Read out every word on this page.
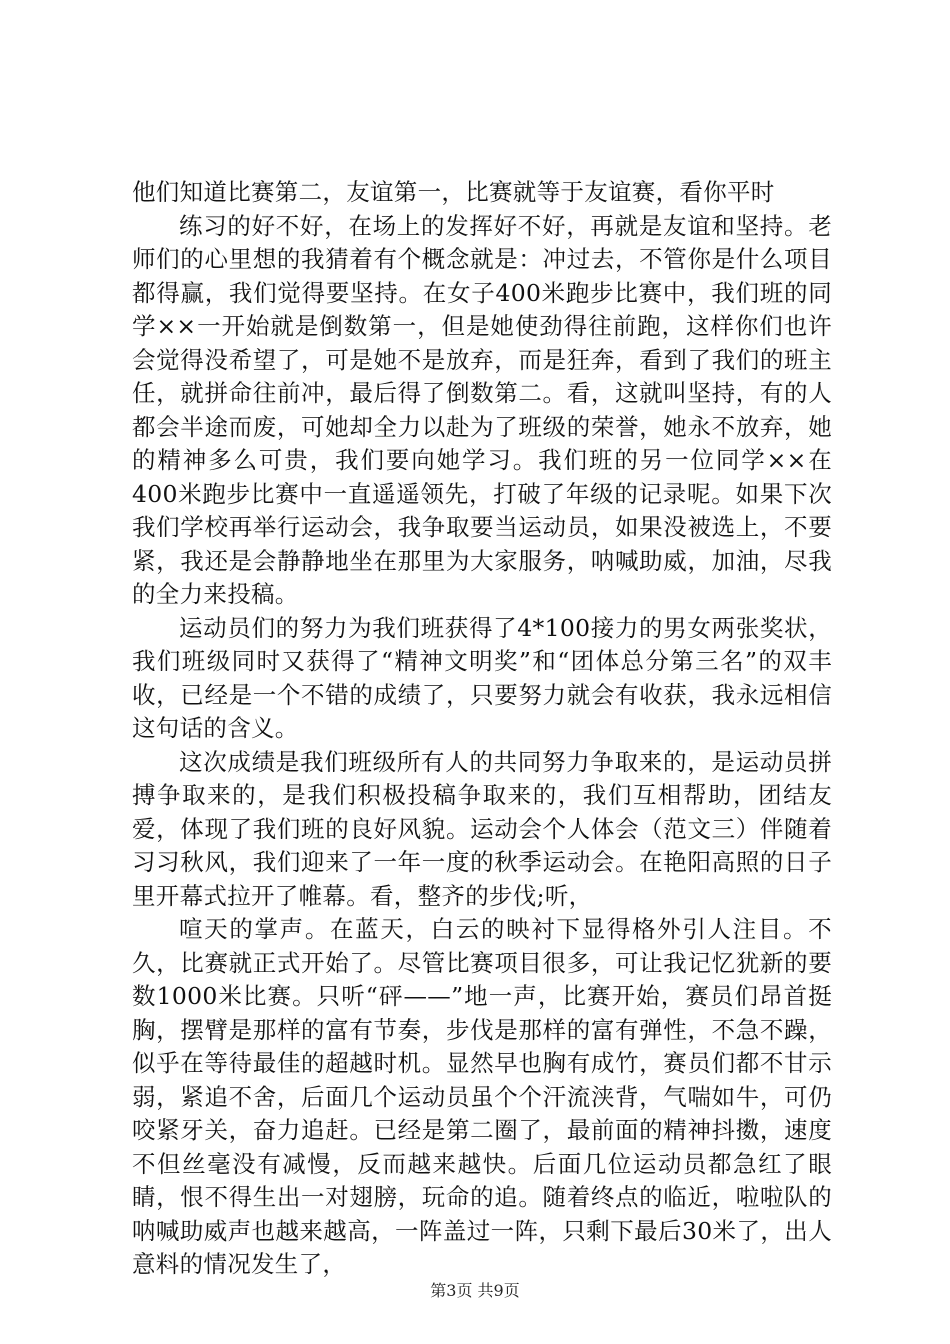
他们知道比赛第二，友谊第一，比赛就等于友谊赛，看你平时

练习的好不好，在场上的发挥好不好，再就是友谊和坚持。老师们的心里想的我猜着有个概念就是：冲过去，不管你是什么项目都得赢，我们觉得要坚持。在女子400米跑步比赛中，我们班的同学××一开始就是倒数第一，但是她使劲得往前跑，这样你们也许会觉得没希望了，可是她不是放弃，而是狂奔，看到了我们的班主任，就拼命往前冲，最后得了倒数第二。看，这就叫坚持，有的人都会半途而废，可她却全力以赴为了班级的荣誉，她永不放弃，她的精神多么可贵，我们要向她学习。我们班的另一位同学××在400米跑步比赛中一直遥遥领先，打破了年级的记录呢。如果下次我们学校再举行运动会，我争取要当运动员，如果没被选上，不要紧，我还是会静静地坐在那里为大家服务，呐喊助威，加油，尽我的全力来投稿。

运动员们的努力为我们班获得了4*100接力的男女两张奖状，我们班级同时又获得了“精神文明奖”和“团体总分第三名”的双丰收，已经是一个不错的成绩了，只要努力就会有收获，我永远相信这句话的含义。

这次成绩是我们班级所有人的共同努力争取来的，是运动员拼搏争取来的，是我们积极投稿争取来的，我们互相帮助，团结友爱，体现了我们班的良好风貌。运动会个人体会（范文三）伴随着习习秋风，我们迎来了一年一度的秋季运动会。在艳阳高照的日子里开幕式拉开了帷幕。看，整齐的步伐;听，

喧天的掌声。在蓝天，白云的映衬下显得格外引人注目。不久，比赛就正式开始了。尽管比赛项目很多，可让我记忆犹新的要数1000米比赛。只听“砰——”地一声，比赛开始，赛员们昂首挺胸，摆臂是那样的富有节奏，步伐是那样的富有弹性，不急不躁，似乎在等待最佳的超越时机。显然早也胸有成竹，赛员们都不甘示弱，紧追不舍，后面几个运动员虽个个汗流浃背，气喘如牛，可仍咬紧牙关，奋力追赶。已经是第二圈了，最前面的精神抖擞，速度不但丝毫没有减慢，反而越来越快。后面几位运动员都急红了眼睛，恨不得生出一对翅膀，玩命的追。随着终点的临近，啦啦队的呐喊助威声也越来越高，一阵盖过一阵，只剩下最后30米了，出人意料的情况发生了，

第3页 共9页
